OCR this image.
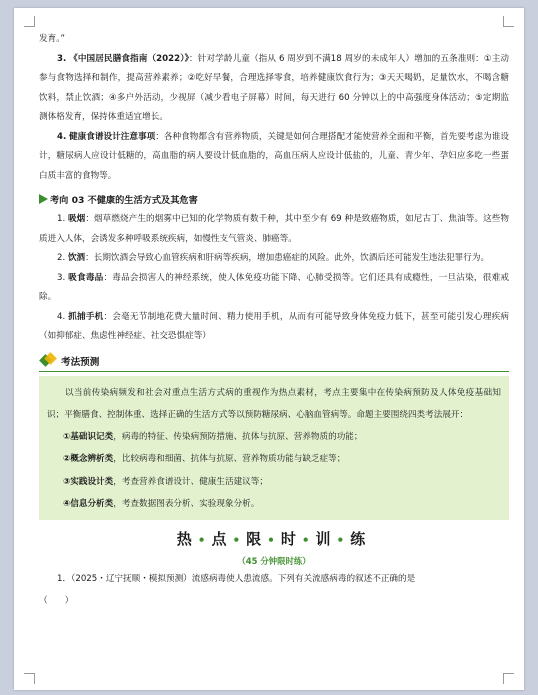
发育。”

3. 《中国居民膳食指南（2022）》：针对学龄儿童（指从 6 周岁到不满18 周岁的未成年人）增加的五条准则：①主动参与食物选择和制作，提高营养素养；②吃好早餐，合理选择零食，培养健康饮食行为；③天天喝奶，足量饮水，不喝含糖饮料，禁止饮酒；④多户外活动，少视屏（减少看电子屏幕）时间，每天进行 60 分钟以上的中高强度身体活动；⑤定期监测体格发育，保持体重适宜增长。

4. 健康食谱设计注意事项：各种食物都含有营养物质，关键是如何合理搭配才能使营养全面和平衡，首先要考虑为谁设计，糖尿病人应设计低糖的，高血脂的病人要设计低血脂的，高血压病人应设计低盐的，儿童、青少年、孕妇应多吃一些蛋白质丰富的食物等。

考向 03 不健康的生活方式及其危害

1. 吸烟：烟草燃烧产生的烟雾中已知的化学物质有数千种，其中至少有 69 种是致癌物质，如尼古丁、焦油等。这些物质进入人体，会诱发多种呼吸系统疾病，如慢性支气管炎、肺癌等。

2. 饮酒：长期饮酒会导致心血管疾病和肝病等疾病，增加患癌症的风险。此外，饮酒后还可能发生违法犯罪行为。

3. 吸食毒品：毒品会损害人的神经系统，使人体免疫功能下降、心肺受损等。它们还具有成瘾性，一旦沾染，很难戒除。

4. 抓捕手机：会毫无节制地花费大量时间、精力使用手机，从而有可能导致身体免疫力低下，甚至可能引发心理疾病（如抑郁症、焦虑性神经症、社交恐惧症等）

考法预测

以当前传染病频发和社会对重点生活方式病的重视作为热点素材，考点主要集中在传染病预防及人体免疫基础知识；平衡膳食、控制体重、选择正确的生活方式等以预防糖尿病、心脑血管病等。命题主要围绕四类考法展开：

①基础识记类，病毒的特征、传染病预防措施、抗体与抗原、营养物质的功能；
②概念辨析类，比较病毒和细菌、抗体与抗原、营养物质功能与缺乏症等；
③实践设计类，考查营养食谱设计、健康生活建议等；
④信息分析类，考查数据图表分析、实验现象分析。
热•点•限•时•训•练
（45 分钟限时练）
1．（2025・辽宁抚顺・模拟预测）流感病毒使人患流感。下列有关流感病毒的叙述不正确的是
（　　）
